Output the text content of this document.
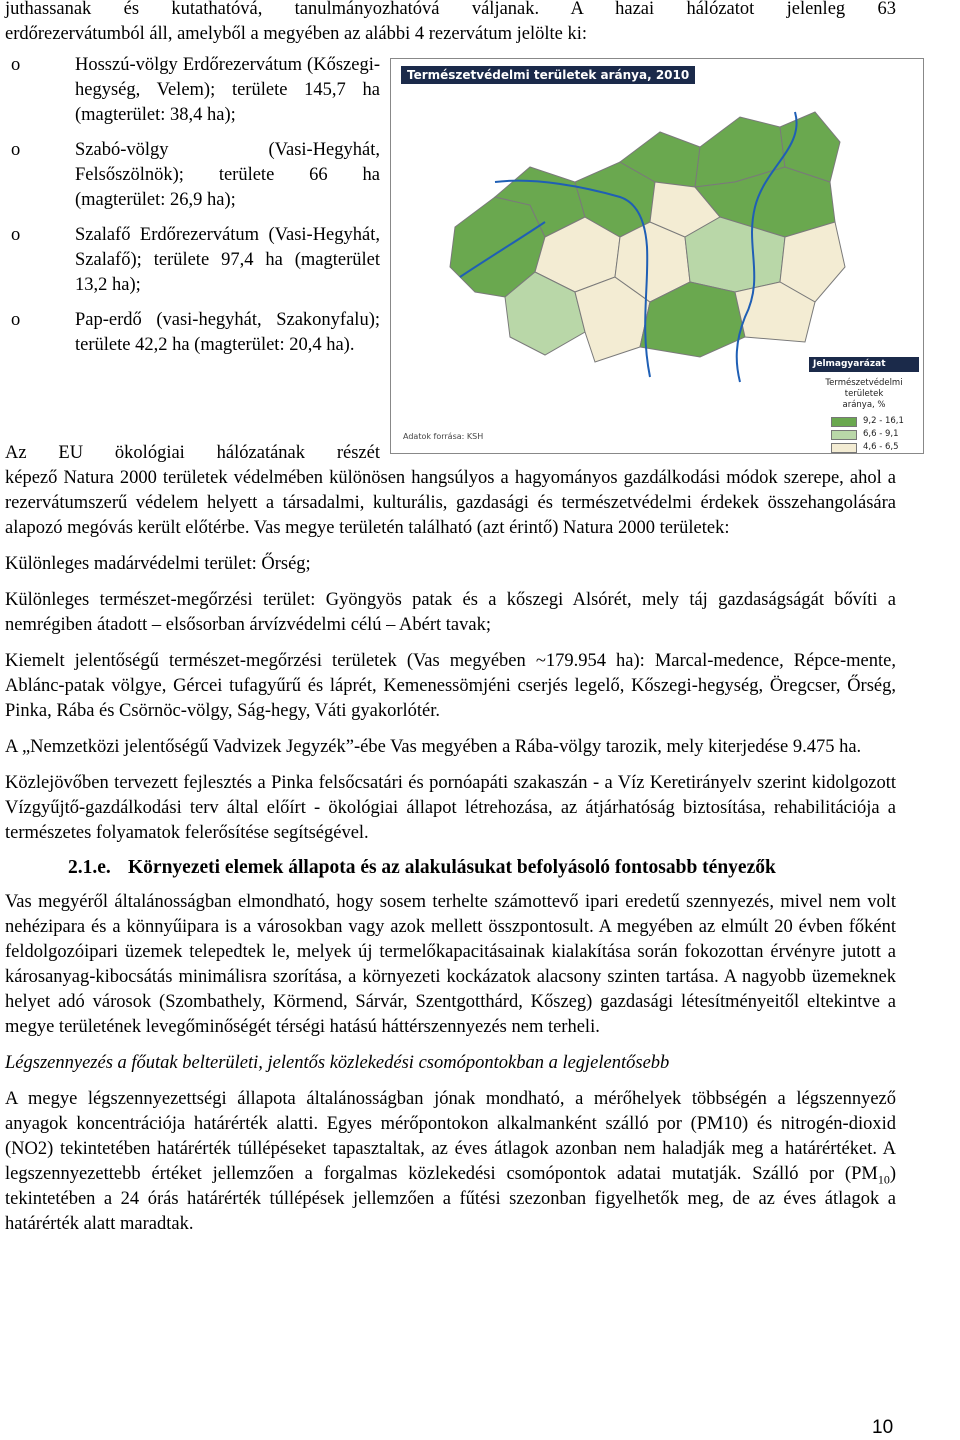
juthassanak és kutathatóvá, tanulmányozhatóvá váljanak. A hazai hálózatot jelenleg 63

erdőrezervátumból áll, amelyből a megyében az alábbi 4 rezervátum jelölte ki:

o	Hosszú-völgy Erdőrezervátum (Kőszegi-hegység, Velem); területe 145,7 ha (magterület: 38,4 ha);
o	Szabó-völgy (Vasi-Hegyhát, Felsőszölnök); területe 66 ha (magterület: 26,9 ha);
o	Szalafő Erdőrezervátum (Vasi-Hegyhát, Szalafő); területe 97,4 ha (magterület 13,2 ha);
o	Pap-erdő (vasi-hegyhát, Szakonyfalu); területe 42,2 ha (magterület: 20,4 ha).

Az EU ökológiai hálózatának részét

képező Natura 2000 területek védelmében különösen hangsúlyos a hagyományos gazdálkodási módok szerepe, ahol a rezervátumszerű védelem helyett a társadalmi, kulturális, gazdasági és természetvédelmi érdekek összehangolására alapozó megóvás került előtérbe. Vas megye területén található (azt érintő) Natura 2000 területek:

Különleges madárvédelmi terület: Őrség;

Különleges természet-megőrzési terület: Gyöngyös patak és a kőszegi Alsórét, mely táj gazdaságságát bővíti a nemrégiben átadott – elsősorban árvízvédelmi célú – Abért tavak;

Kiemelt jelentőségű természet-megőrzési területek (Vas megyében ~179.954 ha): Marcal-medence, Répce-mente, Ablánc-patak völgye, Gércei tufagyűrű és láprét, Kemenessömjéni cserjés legelő, Kőszegi-hegység, Öregcser, Őrség, Pinka, Rába és Csörnöc-völgy, Ság-hegy, Váti gyakorlótér.

A „Nemzetközi jelentőségű Vadvizek Jegyzék”-ébe Vas megyében a Rába-völgy tarozik, mely kiterjedése 9.475 ha.

Közlejövőben tervezett fejlesztés a Pinka felsőcsatári és pornóapáti szakaszán - a Víz Keretirányelv szerint kidolgozott Vízgyűjtő-gazdálkodási terv által előírt - ökológiai állapot létrehozása, az átjárhatóság biztosítása, rehabilitációja a természetes folyamatok felerősítése segítségével.

2.1.e. Környezeti elemek állapota és az alakulásukat befolyásoló fontosabb tényezők

Vas megyéről általánosságban elmondható, hogy sosem terhelte számottevő ipari eredetű szennyezés, mivel nem volt nehézipara és a könnyűipara is a városokban vagy azok mellett összpontosult. A megyében az elmúlt 20 évben főként feldolgozóipari üzemek telepedtek le, melyek új termelőkapacitásainak kialakítása során fokozottan érvényre jutott a károsanyag-kibocsátás minimálisra szorítása, a környezeti kockázatok alacsony szinten tartása. A nagyobb üzemeknek helyet adó városok (Szombathely, Körmend, Sárvár, Szentgotthárd, Kőszeg) gazdasági létesítményeitől eltekintve a megye területének levegőminőségét térségi hatású háttérszennyezés nem terheli.

Légszennyezés a főutak belterületi, jelentős közlekedési csomópontokban a legjelentősebb

A megye légszennyezettségi állapota általánosságban jónak mondható, a mérőhelyek többségén a légszennyező anyagok koncentrációja határérték alatti. Egyes mérőpontokon alkalmanként szálló por (PM10) és nitrogén-dioxid (NO2) tekintetében határérték túllépéseket tapasztaltak, az éves átlagok azonban nem haladják meg a határértéket. A legszennyezettebb értéket jellemzően a forgalmas közlekedési csomópontok adatai mutatják. Szálló por $(PM_{10})$ tekintetében a 24 órás határérték túllépések jellemzően a fűtési szezonban figyelhetők meg, de az éves átlagok a határérték alatt maradtak.

Természetvédelmi területek aránya, 2010
Jelmagyarázat
Természetvédelmi területek
aránya, %
9,2 - 16,1
6,6 - 9,1
4,6 - 6,5
Adatok forrása: KSH
10
